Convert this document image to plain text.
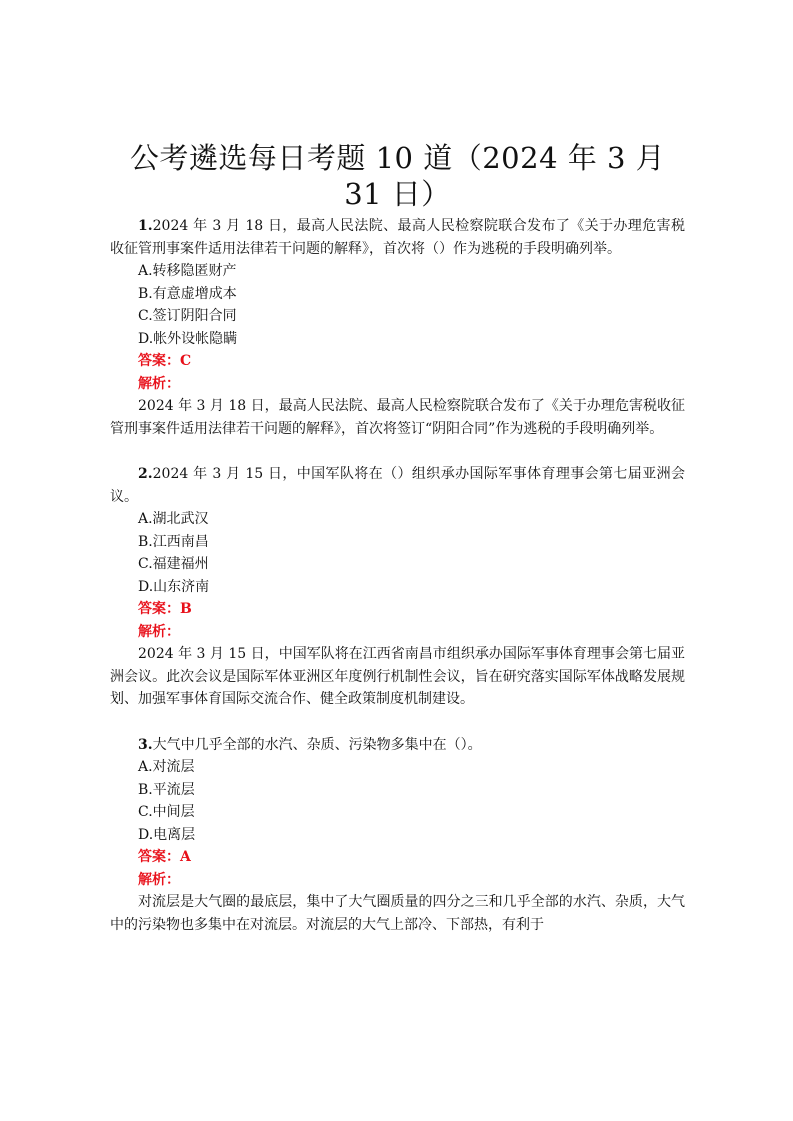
公考遴选每日考题 10 道（2024 年 3 月 31 日）

1.2024 年 3 月 18 日，最高人民法院、最高人民检察院联合发布了《关于办理危害税收征管刑事案件适用法律若干问题的解释》，首次将（）作为逃税的手段明确列举。

A.转移隐匿财产

B.有意虚增成本

C.签订阴阳合同

D.帐外设帐隐瞒

答案：C

解析：

2024 年 3 月 18 日，最高人民法院、最高人民检察院联合发布了《关于办理危害税收征管刑事案件适用法律若干问题的解释》，首次将签订“阴阳合同”作为逃税的手段明确列举。

2.2024 年 3 月 15 日，中国军队将在（）组织承办国际军事体育理事会第七届亚洲会议。

A.湖北武汉

B.江西南昌

C.福建福州

D.山东济南

答案：B

解析：

2024 年 3 月 15 日，中国军队将在江西省南昌市组织承办国际军事体育理事会第七届亚洲会议。此次会议是国际军体亚洲区年度例行机制性会议，旨在研究落实国际军体战略发展规划、加强军事体育国际交流合作、健全政策制度机制建设。

3.大气中几乎全部的水汽、杂质、污染物多集中在（）。

A.对流层

B.平流层

C.中间层

D.电离层

答案：A

解析：

对流层是大气圈的最底层，集中了大气圈质量的四分之三和几乎全部的水汽、杂质，大气中的污染物也多集中在对流层。对流层的大气上部冷、下部热，有利于
